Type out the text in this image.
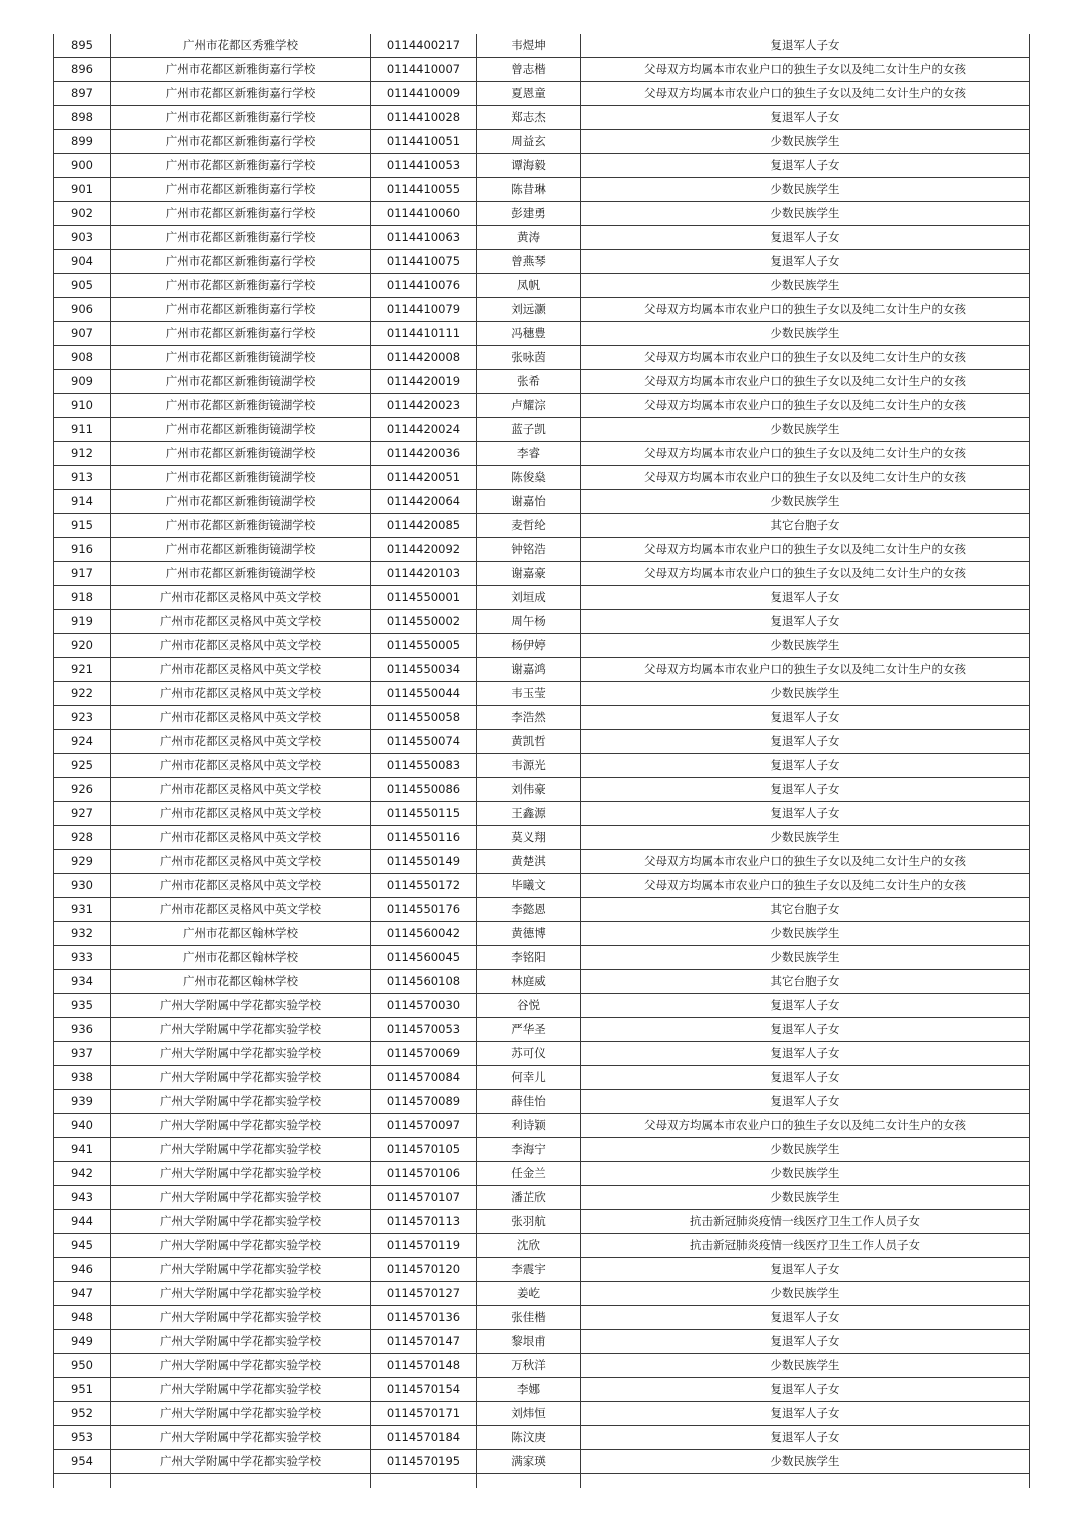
895	广州市花都区秀雅学校	0114400217	韦煜坤	复退军人子女
896	广州市花都区新雅街嘉行学校	0114410007	曾志楷	父母双方均属本市农业户口的独生子女以及纯二女计生户的女孩
897	广州市花都区新雅街嘉行学校	0114410009	夏恩童	父母双方均属本市农业户口的独生子女以及纯二女计生户的女孩
898	广州市花都区新雅街嘉行学校	0114410028	郑志杰	复退军人子女
899	广州市花都区新雅街嘉行学校	0114410051	周益玄	少数民族学生
900	广州市花都区新雅街嘉行学校	0114410053	谭海毅	复退军人子女
901	广州市花都区新雅街嘉行学校	0114410055	陈昔琳	少数民族学生
902	广州市花都区新雅街嘉行学校	0114410060	彭建勇	少数民族学生
903	广州市花都区新雅街嘉行学校	0114410063	黄涛	复退军人子女
904	广州市花都区新雅街嘉行学校	0114410075	曾燕琴	复退军人子女
905	广州市花都区新雅街嘉行学校	0114410076	凤帆	少数民族学生
906	广州市花都区新雅街嘉行学校	0114410079	刘远灏	父母双方均属本市农业户口的独生子女以及纯二女计生户的女孩
907	广州市花都区新雅街嘉行学校	0114410111	冯穗豊	少数民族学生
908	广州市花都区新雅街镜湖学校	0114420008	张咏茵	父母双方均属本市农业户口的独生子女以及纯二女计生户的女孩
909	广州市花都区新雅街镜湖学校	0114420019	张希	父母双方均属本市农业户口的独生子女以及纯二女计生户的女孩
910	广州市花都区新雅街镜湖学校	0114420023	卢耀淙	父母双方均属本市农业户口的独生子女以及纯二女计生户的女孩
911	广州市花都区新雅街镜湖学校	0114420024	蓝子凯	少数民族学生
912	广州市花都区新雅街镜湖学校	0114420036	李睿	父母双方均属本市农业户口的独生子女以及纯二女计生户的女孩
913	广州市花都区新雅街镜湖学校	0114420051	陈俊燊	父母双方均属本市农业户口的独生子女以及纯二女计生户的女孩
914	广州市花都区新雅街镜湖学校	0114420064	谢嘉怡	少数民族学生
915	广州市花都区新雅街镜湖学校	0114420085	麦哲纶	其它台胞子女
916	广州市花都区新雅街镜湖学校	0114420092	钟铭浩	父母双方均属本市农业户口的独生子女以及纯二女计生户的女孩
917	广州市花都区新雅街镜湖学校	0114420103	谢嘉豪	父母双方均属本市农业户口的独生子女以及纯二女计生户的女孩
918	广州市花都区灵格风中英文学校	0114550001	刘垣成	复退军人子女
919	广州市花都区灵格风中英文学校	0114550002	周午杨	复退军人子女
920	广州市花都区灵格风中英文学校	0114550005	杨伊婷	少数民族学生
921	广州市花都区灵格风中英文学校	0114550034	谢嘉鸿	父母双方均属本市农业户口的独生子女以及纯二女计生户的女孩
922	广州市花都区灵格风中英文学校	0114550044	韦玉莹	少数民族学生
923	广州市花都区灵格风中英文学校	0114550058	李浩然	复退军人子女
924	广州市花都区灵格风中英文学校	0114550074	黄凯哲	复退军人子女
925	广州市花都区灵格风中英文学校	0114550083	韦源光	复退军人子女
926	广州市花都区灵格风中英文学校	0114550086	刘伟豪	复退军人子女
927	广州市花都区灵格风中英文学校	0114550115	王鑫源	复退军人子女
928	广州市花都区灵格风中英文学校	0114550116	莫义翔	少数民族学生
929	广州市花都区灵格风中英文学校	0114550149	黄楚淇	父母双方均属本市农业户口的独生子女以及纯二女计生户的女孩
930	广州市花都区灵格风中英文学校	0114550172	毕曦文	父母双方均属本市农业户口的独生子女以及纯二女计生户的女孩
931	广州市花都区灵格风中英文学校	0114550176	李懿恩	其它台胞子女
932	广州市花都区翰林学校	0114560042	黄德博	少数民族学生
933	广州市花都区翰林学校	0114560045	李铭阳	少数民族学生
934	广州市花都区翰林学校	0114560108	林庭威	其它台胞子女
935	广州大学附属中学花都实验学校	0114570030	谷悦	复退军人子女
936	广州大学附属中学花都实验学校	0114570053	严华圣	复退军人子女
937	广州大学附属中学花都实验学校	0114570069	苏可仪	复退军人子女
938	广州大学附属中学花都实验学校	0114570084	何幸儿	复退军人子女
939	广州大学附属中学花都实验学校	0114570089	薛佳怡	复退军人子女
940	广州大学附属中学花都实验学校	0114570097	利诗颖	父母双方均属本市农业户口的独生子女以及纯二女计生户的女孩
941	广州大学附属中学花都实验学校	0114570105	李海宁	少数民族学生
942	广州大学附属中学花都实验学校	0114570106	任金兰	少数民族学生
943	广州大学附属中学花都实验学校	0114570107	潘芷欣	少数民族学生
944	广州大学附属中学花都实验学校	0114570113	张羽航	抗击新冠肺炎疫情一线医疗卫生工作人员子女
945	广州大学附属中学花都实验学校	0114570119	沈欣	抗击新冠肺炎疫情一线医疗卫生工作人员子女
946	广州大学附属中学花都实验学校	0114570120	李震宇	复退军人子女
947	广州大学附属中学花都实验学校	0114570127	姜屹	少数民族学生
948	广州大学附属中学花都实验学校	0114570136	张佳楷	复退军人子女
949	广州大学附属中学花都实验学校	0114570147	黎垠甫	复退军人子女
950	广州大学附属中学花都实验学校	0114570148	万秋洋	少数民族学生
951	广州大学附属中学花都实验学校	0114570154	李娜	复退军人子女
952	广州大学附属中学花都实验学校	0114570171	刘炜恒	复退军人子女
953	广州大学附属中学花都实验学校	0114570184	陈汶庚	复退军人子女
954	广州大学附属中学花都实验学校	0114570195	满家瑛	少数民族学生
